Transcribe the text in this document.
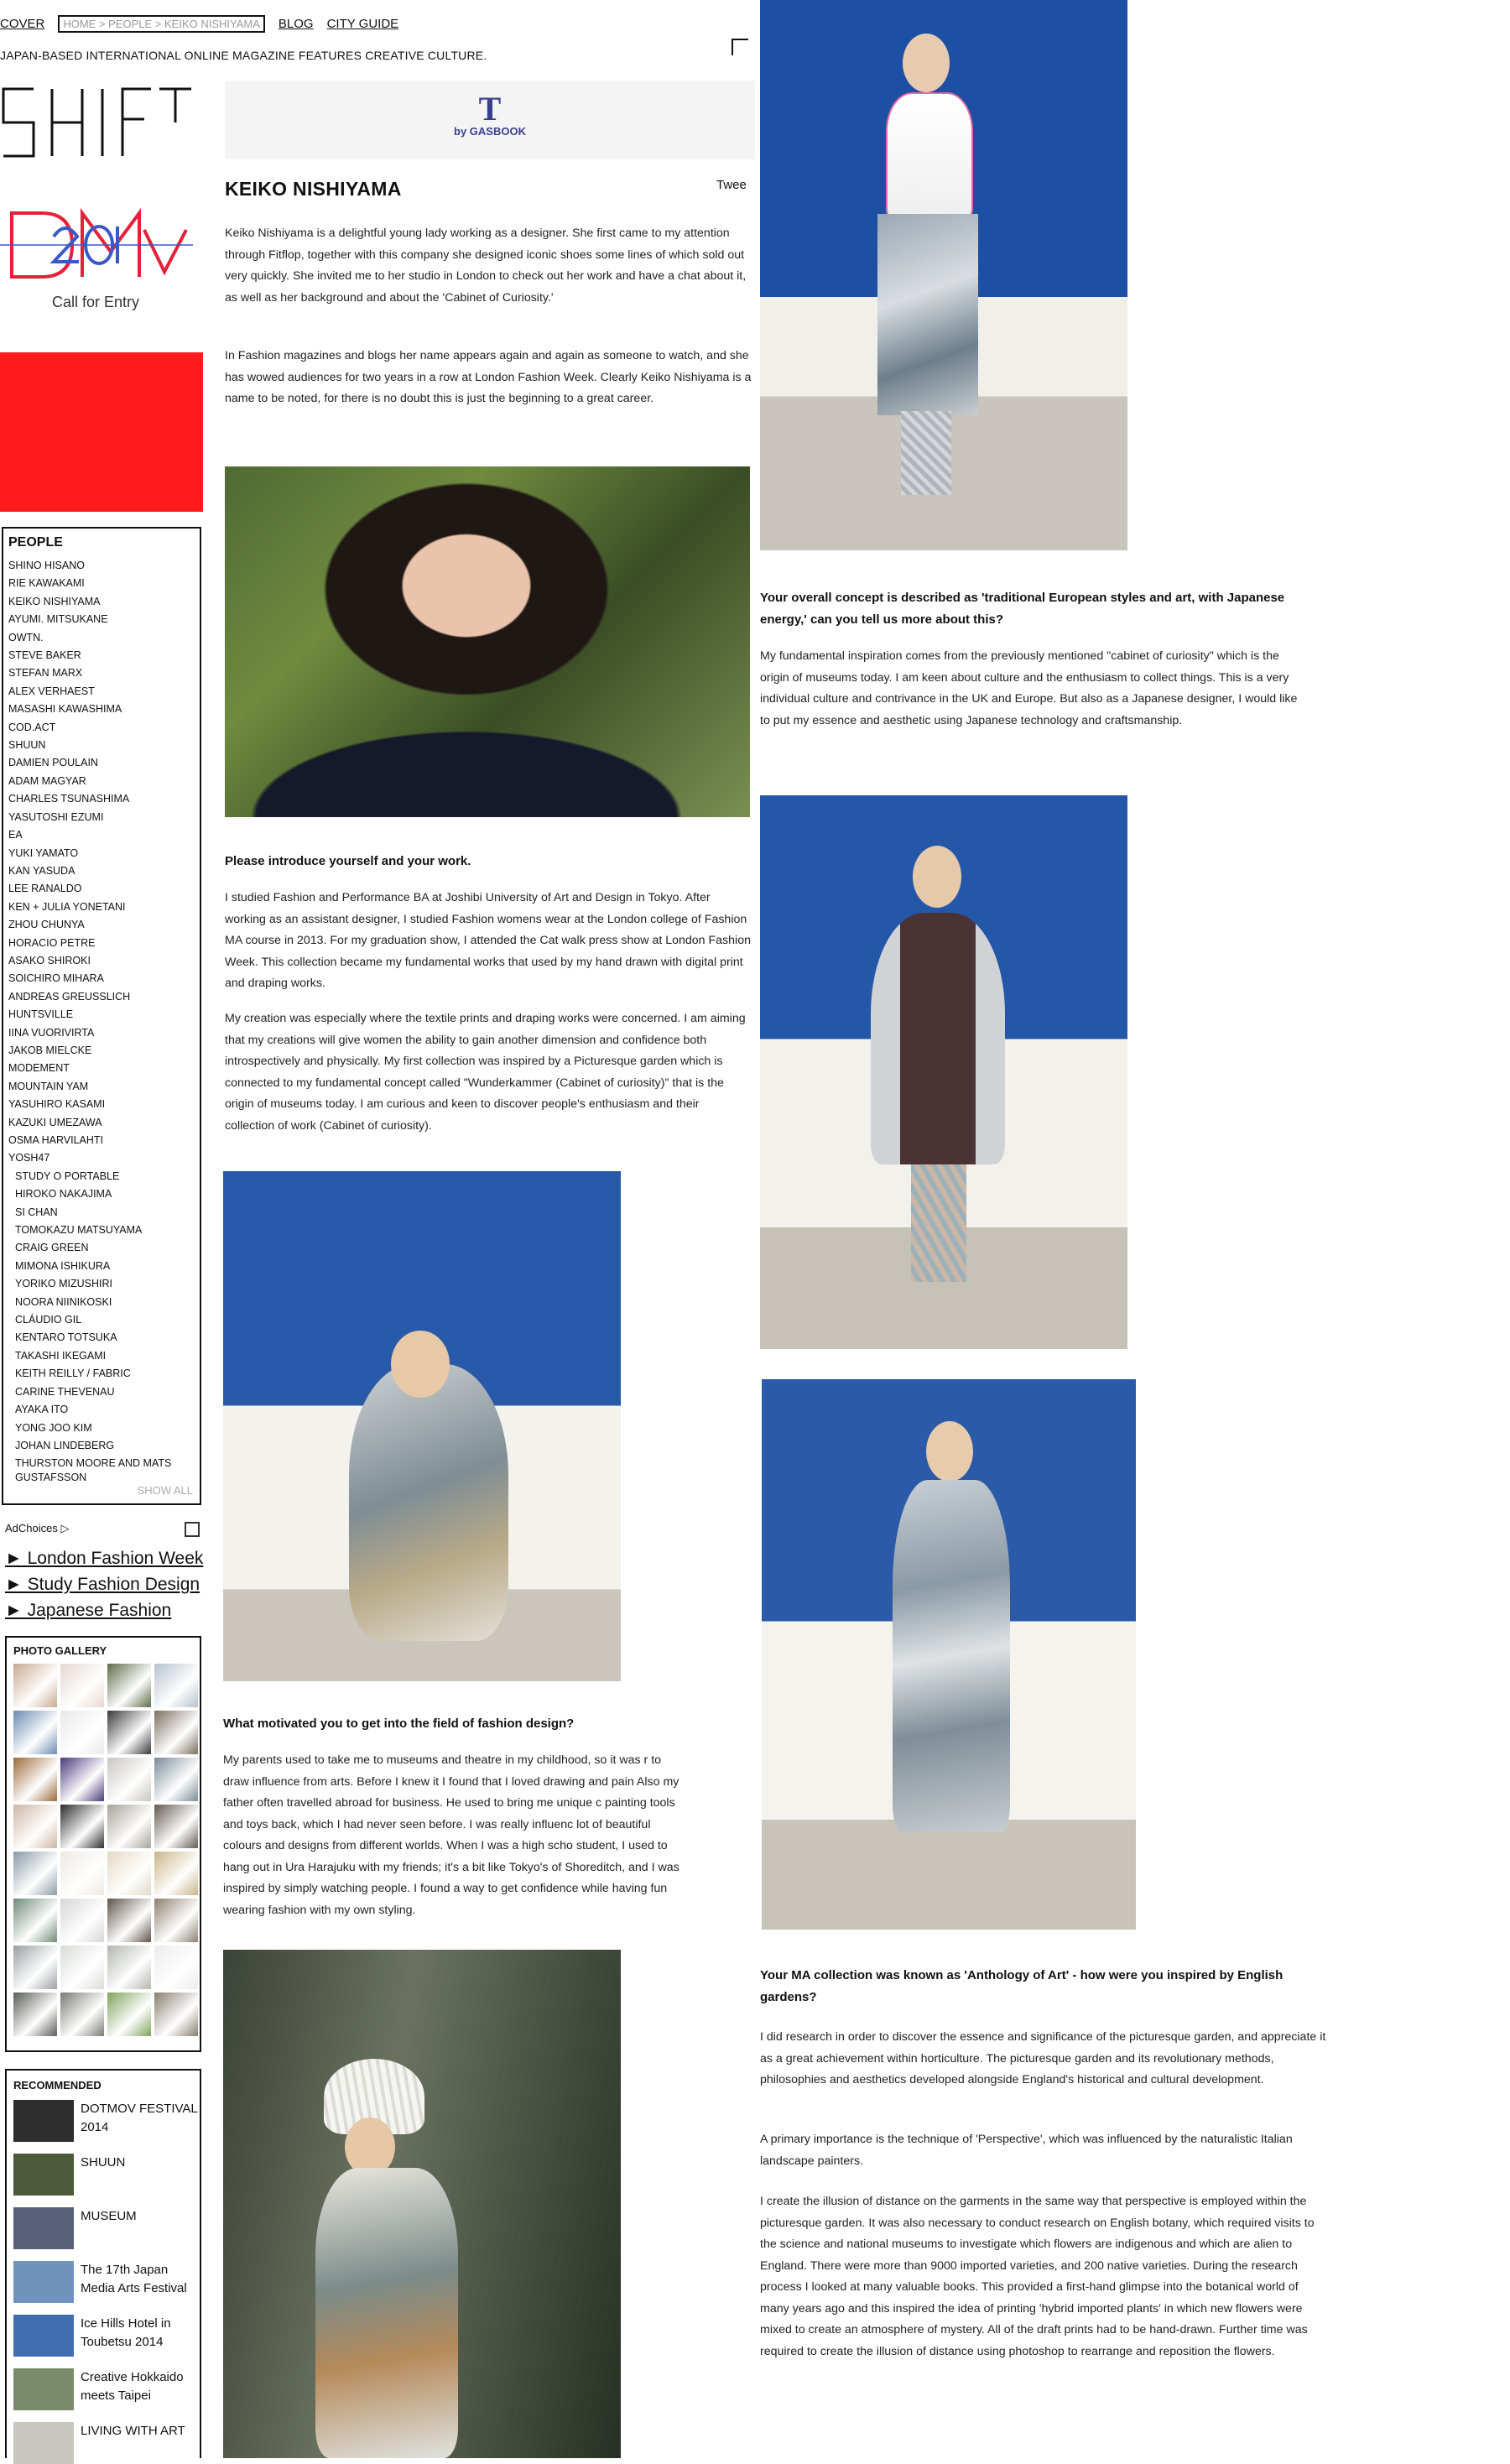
COVER	HOME > PEOPLE > KEIKO NISHIYAMA	BLOG CITY GUIDE
JAPAN-BASED INTERNATIONAL ONLINE MAGAZINE FEATURES CREATIVE CULTURE.
T
by GASBOOK
Call for Entry
PEOPLE
SHINO HISANO
RIE KAWAKAMI
KEIKO NISHIYAMA
AYUMI. MITSUKANE
OWTN.
STEVE BAKER
STEFAN MARX
ALEX VERHAEST
MASASHI KAWASHIMA
COD.ACT
SHUUN
DAMIEN POULAIN
ADAM MAGYAR
CHARLES TSUNASHIMA
YASUTOSHI EZUMI
EA
YUKI YAMATO
KAN YASUDA
LEE RANALDO
KEN + JULIA YONETANI
ZHOU CHUNYA
HORACIO PETRE
ASAKO SHIROKI
SOICHIRO MIHARA
ANDREAS GREUSSLICH
HUNTSVILLE
IINA VUORIVIRTA
JAKOB MIELCKE
MODEMENT
MOUNTAIN YAM
YASUHIRO KASAMI
KAZUKI UMEZAWA
OSMA HARVILAHTI
YOSH47
STUDY O PORTABLE
HIROKO NAKAJIMA
SI CHAN
TOMOKAZU MATSUYAMA
CRAIG GREEN
MIMONA ISHIKURA
YORIKO MIZUSHIRI
NOORA NIINIKOSKI
CLÁUDIO GIL
KENTARO TOTSUKA
TAKASHI IKEGAMI
KEITH REILLY / FABRIC
CARINE THEVENAU
AYAKA ITO
YONG JOO KIM
JOHAN LINDEBERG
THURSTON MOORE AND MATS GUSTAFSSON
SHOW ALL
AdChoices ▷
► London Fashion Week
► Study Fashion Design
► Japanese Fashion
PHOTO GALLERY
RECOMMENDED
DOTMOV FESTIVAL 2014
SHUUN
MUSEUM
The 17th Japan Media Arts Festival
Ice Hills Hotel in Toubetsu 2014
Creative Hokkaido meets Taipei
LIVING WITH ART
KEIKO NISHIYAMA	Twee
Keiko Nishiyama is a delightful young lady working as a designer. She first came to my attention through Fitflop, together with this company she designed iconic shoes some lines of which sold out very quickly. She invited me to her studio in London to check out her work and have a chat about it, as well as her background and about the 'Cabinet of Curiosity.'
In Fashion magazines and blogs her name appears again and again as someone to watch, and she has wowed audiences for two years in a row at London Fashion Week. Clearly Keiko Nishiyama is a name to be noted, for there is no doubt this is just the beginning to a great career.
Please introduce yourself and your work.
I studied Fashion and Performance BA at Joshibi University of Art and Design in Tokyo. After working as an assistant designer, I studied Fashion womens wear at the London college of Fashion MA course in 2013. For my graduation show, I attended the Cat walk press show at London Fashion Week. This collection became my fundamental works that used by my hand drawn with digital print and draping works.
My creation was especially where the textile prints and draping works were concerned. I am aiming that my creations will give women the ability to gain another dimension and confidence both introspectively and physically. My first collection was inspired by a Picturesque garden which is connected to my fundamental concept called "Wunderkammer (Cabinet of curiosity)" that is the origin of museums today. I am curious and keen to discover people's enthusiasm and their collection of work (Cabinet of curiosity).
What motivated you to get into the field of fashion design?
My parents used to take me to museums and theatre in my childhood, so it was r to draw influence from arts. Before I knew it I found that I loved drawing and pain Also my father often travelled abroad for business. He used to bring me unique c painting tools and toys back, which I had never seen before. I was really influenc lot of beautiful colours and designs from different worlds. When I was a high scho student, I used to hang out in Ura Harajuku with my friends; it's a bit like Tokyo's of Shoreditch, and I was inspired by simply watching people. I found a way to get confidence while having fun wearing fashion with my own styling.
Your overall concept is described as 'traditional European styles and art, with Japanese energy,' can you tell us more about this?
My fundamental inspiration comes from the previously mentioned "cabinet of curiosity" which is the origin of museums today. I am keen about culture and the enthusiasm to collect things. This is a very individual culture and contrivance in the UK and Europe. But also as a Japanese designer, I would like to put my essence and aesthetic using Japanese technology and craftsmanship.
Your MA collection was known as 'Anthology of Art' - how were you inspired by English gardens?
I did research in order to discover the essence and significance of the picturesque garden, and appreciate it as a great achievement within horticulture. The picturesque garden and its revolutionary methods, philosophies and aesthetics developed alongside England's historical and cultural development.
A primary importance is the technique of 'Perspective', which was influenced by the naturalistic Italian landscape painters.
I create the illusion of distance on the garments in the same way that perspective is employed within the picturesque garden. It was also necessary to conduct research on English botany, which required visits to the science and national museums to investigate which flowers are indigenous and which are alien to England. There were more than 9000 imported varieties, and 200 native varieties. During the research process I looked at many valuable books. This provided a first-hand glimpse into the botanical world of many years ago and this inspired the idea of printing 'hybrid imported plants' in which new flowers were mixed to create an atmosphere of mystery. All of the draft prints had to be hand-drawn. Further time was required to create the illusion of distance using photoshop to rearrange and reposition the flowers.
